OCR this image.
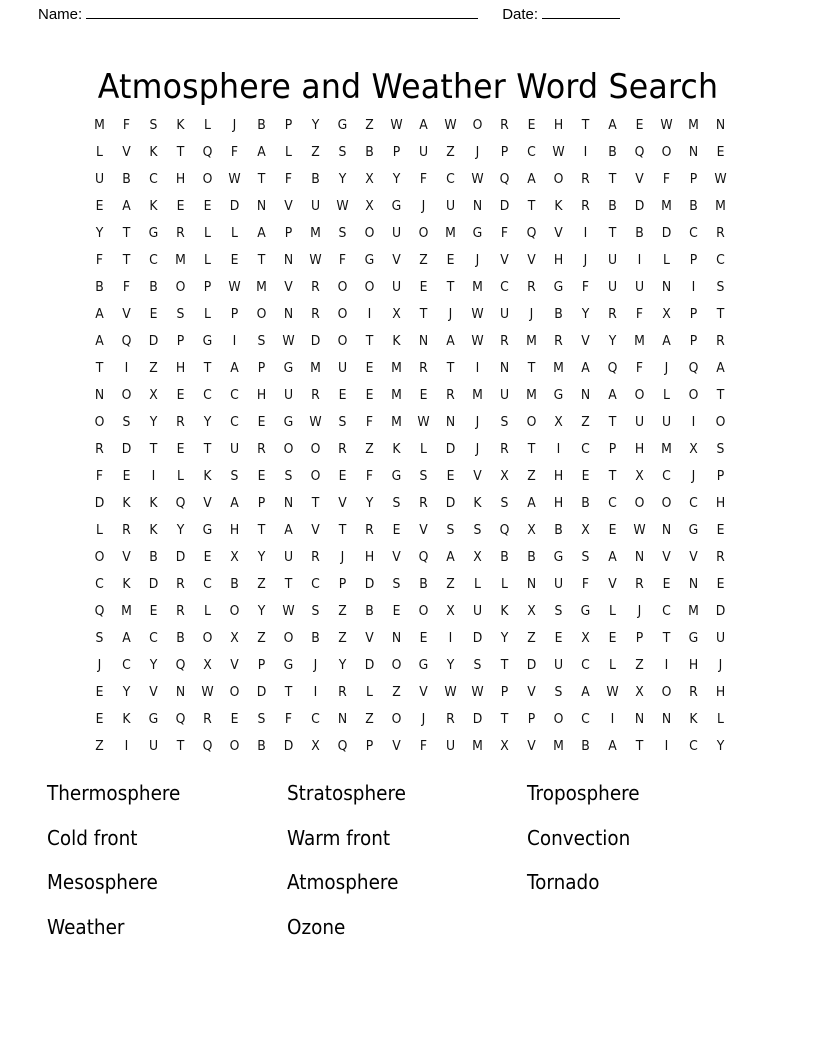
Name:	Date:
Atmosphere and Weather Word Search
M	F	S	K	L	J	B	P	Y	G	Z	W	A	W	O	R	E	H	T	A	E	W	M	N
L	V	K	T	Q	F	A	L	Z	S	B	P	U	Z	J	P	C	W	I	B	Q	O	N	E
U	B	C	H	O	W	T	F	B	Y	X	Y	F	C	W	Q	A	O	R	T	V	F	P	W
E	A	K	E	E	D	N	V	U	W	X	G	J	U	N	D	T	K	R	B	D	M	B	M
Y	T	G	R	L	L	A	P	M	S	O	U	O	M	G	F	Q	V	I	T	B	D	C	R
F	T	C	M	L	E	T	N	W	F	G	V	Z	E	J	V	V	H	J	U	I	L	P	C
B	F	B	O	P	W	M	V	R	O	O	U	E	T	M	C	R	G	F	U	U	N	I	S
A	V	E	S	L	P	O	N	R	O	I	X	T	J	W	U	J	B	Y	R	F	X	P	T
A	Q	D	P	G	I	S	W	D	O	T	K	N	A	W	R	M	R	V	Y	M	A	P	R
T	I	Z	H	T	A	P	G	M	U	E	M	R	T	I	N	T	M	A	Q	F	J	Q	A
N	O	X	E	C	C	H	U	R	E	E	M	E	R	M	U	M	G	N	A	O	L	O	T
O	S	Y	R	Y	C	E	G	W	S	F	M	W	N	J	S	O	X	Z	T	U	U	I	O
R	D	T	E	T	U	R	O	O	R	Z	K	L	D	J	R	T	I	C	P	H	M	X	S
F	E	I	L	K	S	E	S	O	E	F	G	S	E	V	X	Z	H	E	T	X	C	J	P
D	K	K	Q	V	A	P	N	T	V	Y	S	R	D	K	S	A	H	B	C	O	O	C	H
L	R	K	Y	G	H	T	A	V	T	R	E	V	S	S	Q	X	B	X	E	W	N	G	E
O	V	B	D	E	X	Y	U	R	J	H	V	Q	A	X	B	B	G	S	A	N	V	V	R
C	K	D	R	C	B	Z	T	C	P	D	S	B	Z	L	L	N	U	F	V	R	E	N	E
Q	M	E	R	L	O	Y	W	S	Z	B	E	O	X	U	K	X	S	G	L	J	C	M	D
S	A	C	B	O	X	Z	O	B	Z	V	N	E	I	D	Y	Z	E	X	E	P	T	G	U
J	C	Y	Q	X	V	P	G	J	Y	D	O	G	Y	S	T	D	U	C	L	Z	I	H	J
E	Y	V	N	W	O	D	T	I	R	L	Z	V	W	W	P	V	S	A	W	X	O	R	H
E	K	G	Q	R	E	S	F	C	N	Z	O	J	R	D	T	P	O	C	I	N	N	K	L
Z	I	U	T	Q	O	B	D	X	Q	P	V	F	U	M	X	V	M	B	A	T	I	C	Y
Thermosphere	Stratosphere	Troposphere
Cold front	Warm front	Convection
Mesosphere	Atmosphere	Tornado
Weather	Ozone
